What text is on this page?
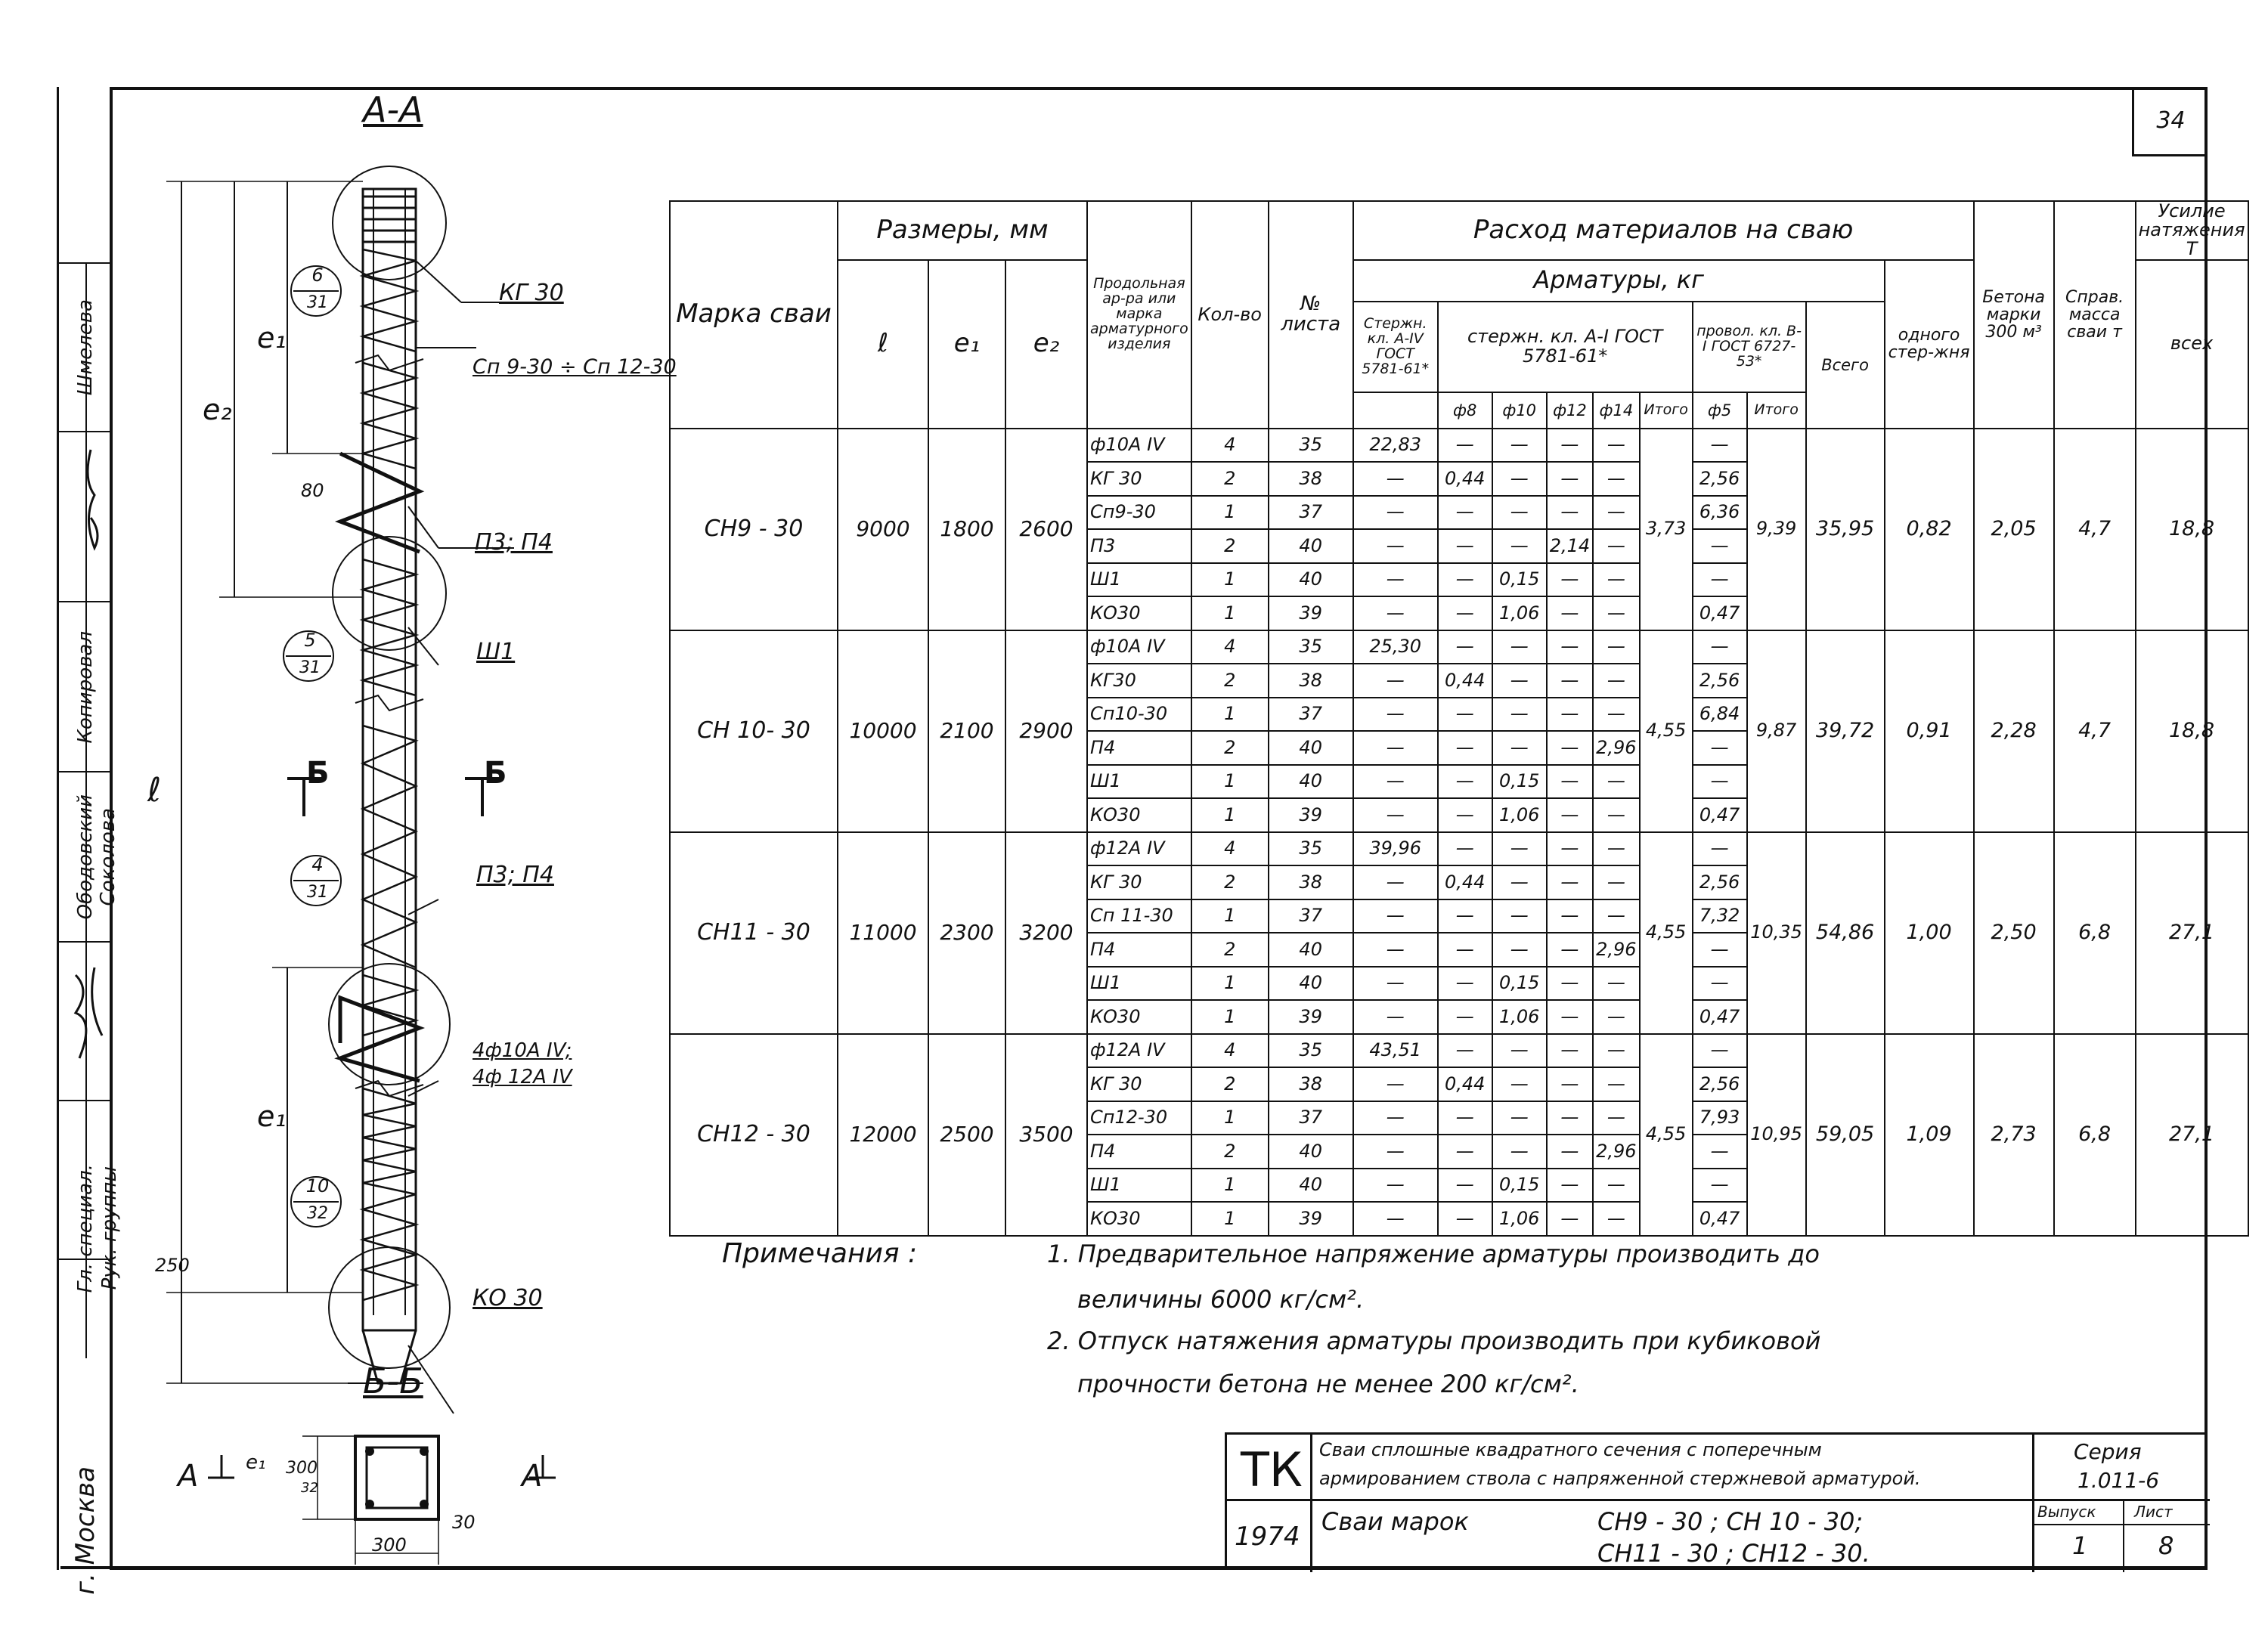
Шмелева
Копировал
Ободовский Соколова
Гл. специал. Рук. группы
г. Москва
34
А-А
КГ 30
Сп 9-30 ÷ Сп 12-30
П3; П4
Ш1
П3; П4
4ф10А IV;
4ф 12А IV
КО 30
80
250
e₁
e₁
e₂
ℓ
e₁
Б	Б
Б-Б
А	А
300
300
30
32
6
31
5
31
4
31
10
32
Марка сваи	Размеры, мм			Продольная ар-ра или марка арматурного изделия	Кол-во	№ листа	Расход материалов на сваю										Бетона марки 300 м³	Справ. масса сваи т	Усилие натяжения Т
	ℓ	e₁	e₂				Арматуры, кг									одного стер-жня			всех
							Стержн. кл. А-IV ГОСТ 5781-61*	стержн. кл. А-I ГОСТ 5781-61*					провол. кл. В-I ГОСТ 6727-53*		Всего				
								ф8	ф10	ф12	ф14	Итого	ф5	Итого					
СН9 - 30	9000	1800	2600	ф10А IV	4	35	22,83	—	—	—	—	3,73	—	9,39	35,95	0,82	2,05	4,7	18,8
				КГ 30	2	38	—	0,44	—	—	—		2,56						
				Сп9-30	1	37	—	—	—	—	—		6,36						
				П3	2	40	—	—	—	2,14	—		—						
				Ш1	1	40	—	—	0,15	—	—		—						
				КО30	1	39	—	—	1,06	—	—		0,47						
СН 10- 30	10000	2100	2900	ф10А IV	4	35	25,30	—	—	—	—	4,55	—	9,87	39,72	0,91	2,28	4,7	18,8
				КГ30	2	38	—	0,44	—	—	—		2,56						
				Сп10-30	1	37	—	—	—	—	—		6,84						
				П4	2	40	—	—	—	—	2,96		—						
				Ш1	1	40	—	—	0,15	—	—		—						
				КО30	1	39	—	—	1,06	—	—		0,47						
СН11 - 30	11000	2300	3200	ф12А IV	4	35	39,96	—	—	—	—	4,55	—	10,35	54,86	1,00	2,50	6,8	27,1
				КГ 30	2	38	—	0,44	—	—	—		2,56						
				Сп 11-30	1	37	—	—	—	—	—		7,32						
				П4	2	40	—	—	—	—	2,96		—						
				Ш1	1	40	—	—	0,15	—	—		—						
				КО30	1	39	—	—	1,06	—	—		0,47						
СН12 - 30	12000	2500	3500	ф12А IV	4	35	43,51	—	—	—	—	4,55	—	10,95	59,05	1,09	2,73	6,8	27,1
				КГ 30	2	38	—	0,44	—	—	—		2,56						
				Сп12-30	1	37	—	—	—	—	—		7,93						
				П4	2	40	—	—	—	—	2,96		—						
				Ш1	1	40	—	—	0,15	—	—		—						
				КО30	1	39	—	—	1,06	—	—		0,47						
Примечания :	1. Предварительное напряжение арматуры производить до
величины 6000 кг/см².
2. Отпуск натяжения арматуры производить при кубиковой
прочности бетона не менее 200 кг/см².
ТК
1974
Сваи сплошные квадратного сечения с поперечным
армированием ствола с напряженной стержневой арматурой.
Сваи марок	СН9 - 30 ; СН 10 - 30;
СН11 - 30 ; СН12 - 30.
Серия
1.011-6
Выпуск	Лист
1	8
